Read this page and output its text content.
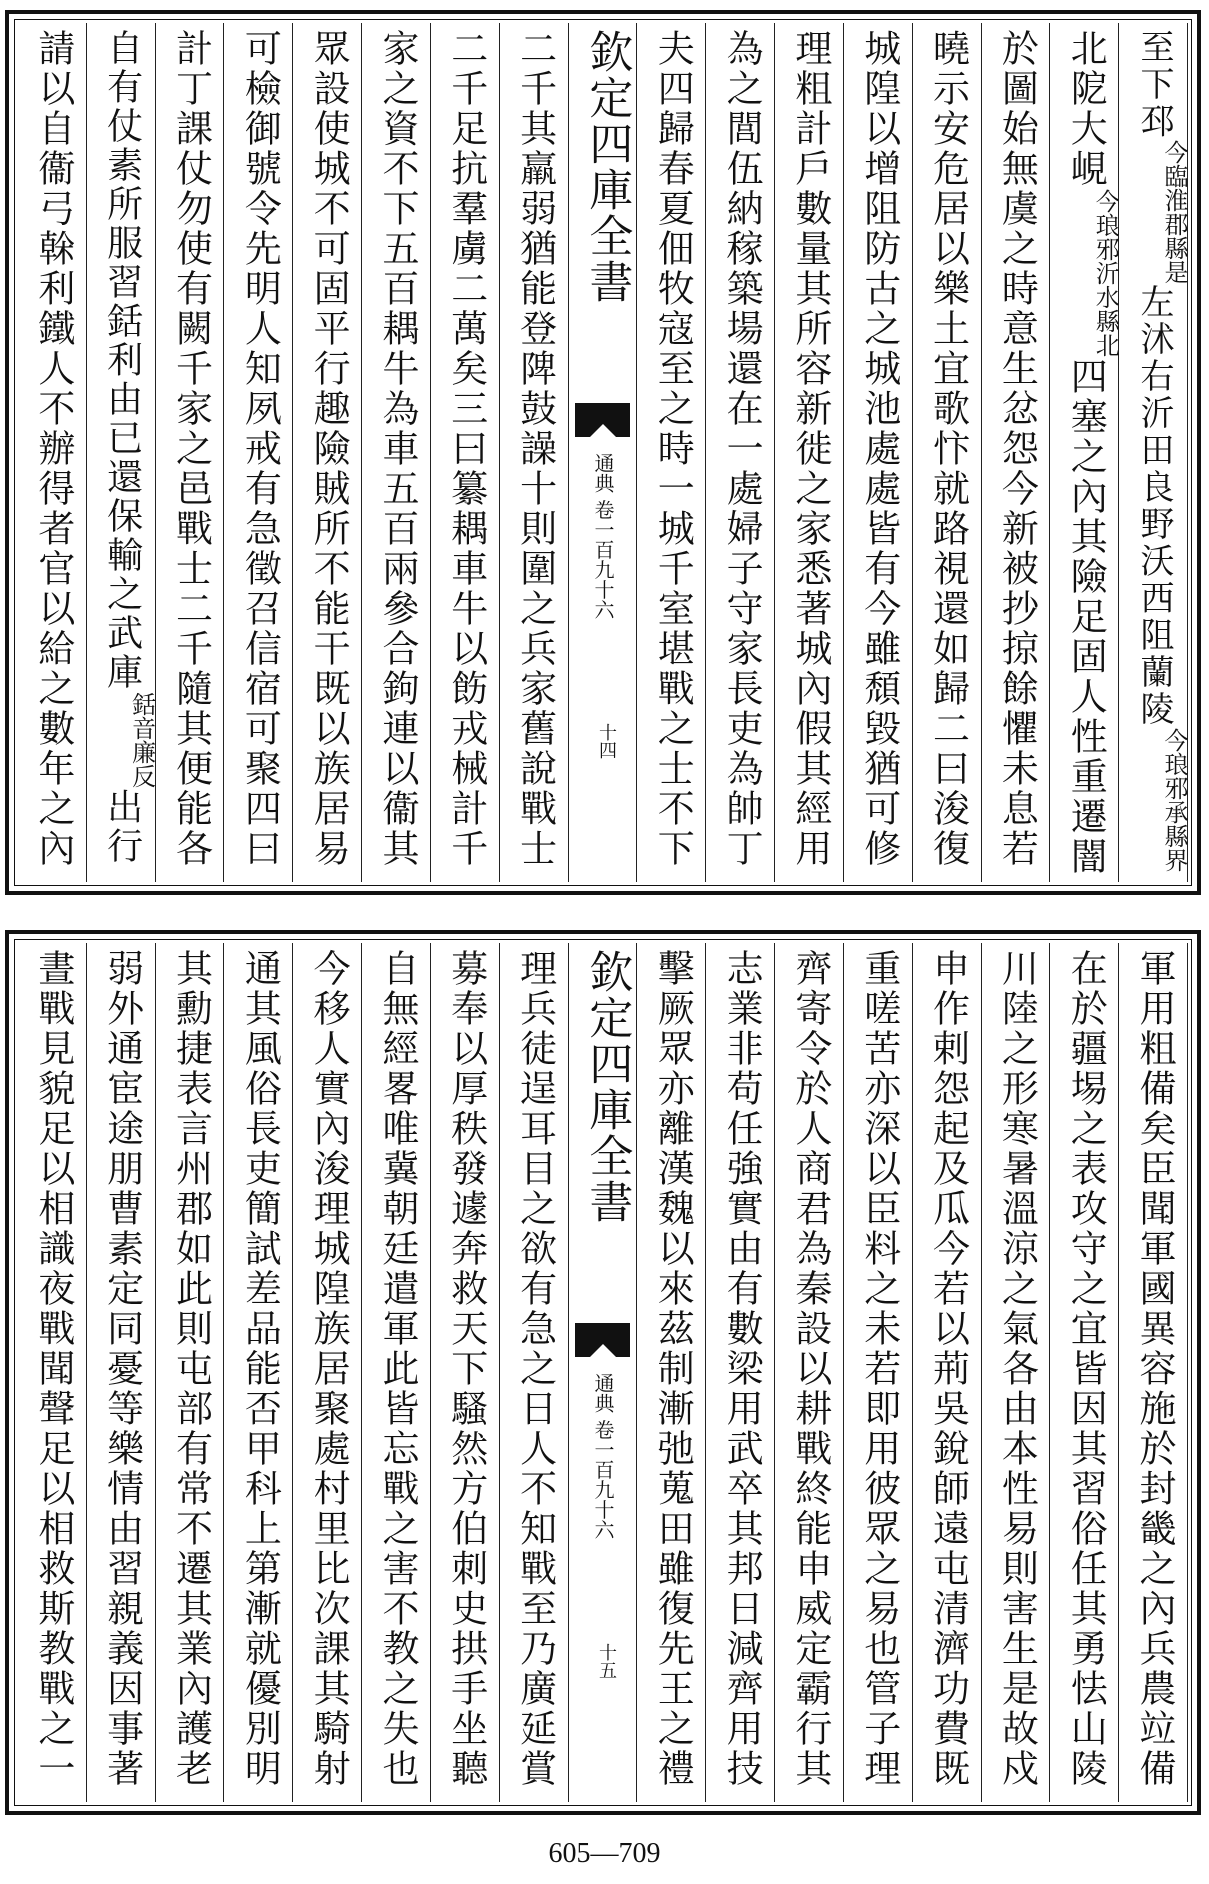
至下邳今臨淮郡縣是左沭右沂田良野沃西阻蘭陵今琅邪承縣界
北阸大峴今琅邪沂水縣北四塞之內其險足固人性重遷闇
於圖始無虞之時意生忿怨今新被抄掠餘懼未息若
曉示安危居以樂土宜歌忭就路視還如歸二曰浚復
城隍以增阻防古之城池處處皆有今雖頹毀猶可修
理粗計戶數量其所容新徙之家悉著城內假其經用
為之閭伍納稼築場還在一處婦子守家長吏為帥丁
夫四歸春夏佃牧寇至之時一城千室堪戰之士不下
欽定四庫全書
通典 卷一百九十六
十四
二千其羸弱猶能登陴鼓譟十則圍之兵家舊說戰士
二千足抗羣虜二萬矣三曰纂耦車牛以飭戎械計千
家之資不下五百耦牛為車五百兩參合鉤連以衞其
眾設使城不可固平行趣險賊所不能干既以族居易
可檢御號令先明人知夙戒有急徵召信宿可聚四曰
計丁課仗勿使有闕千家之邑戰士二千隨其便能各
自有仗素所服習銛利由已還保輸之武庫銛音廉反出行
請以自衞弓榦利鐵人不辦得者官以給之數年之內
軍用粗備矣臣聞軍國異容施於封畿之內兵農竝備
在於疆埸之表攻守之宜皆因其習俗任其勇怯山陵
川陸之形寒暑溫涼之氣各由本性易則害生是故戍
申作剌怨起及瓜今若以荊吳銳師遠屯清濟功費既
重嗟苦亦深以臣料之未若即用彼眾之易也管子理
齊寄令於人商君為秦設以耕戰終能申威定霸行其
志業非苟任強實由有數梁用武卒其邦日減齊用技
擊厥眾亦離漢魏以來茲制漸弛蒐田雖復先王之禮
欽定四庫全書
通典 卷一百九十六
十五
理兵徒逞耳目之欲有急之日人不知戰至乃廣延賞
募奉以厚秩發遽奔救天下騷然方伯刺史拱手坐聽
自無經畧唯冀朝廷遣軍此皆忘戰之害不教之失也
今移人實內浚理城隍族居聚處村里比次課其騎射
通其風俗長吏簡試差品能否甲科上第漸就優別明
其勳捷表言州郡如此則屯部有常不遷其業內護老
弱外通宦途朋曹素定同憂等樂情由習親義因事著
晝戰見貌足以相識夜戰聞聲足以相救斯教戰之一
605—709
